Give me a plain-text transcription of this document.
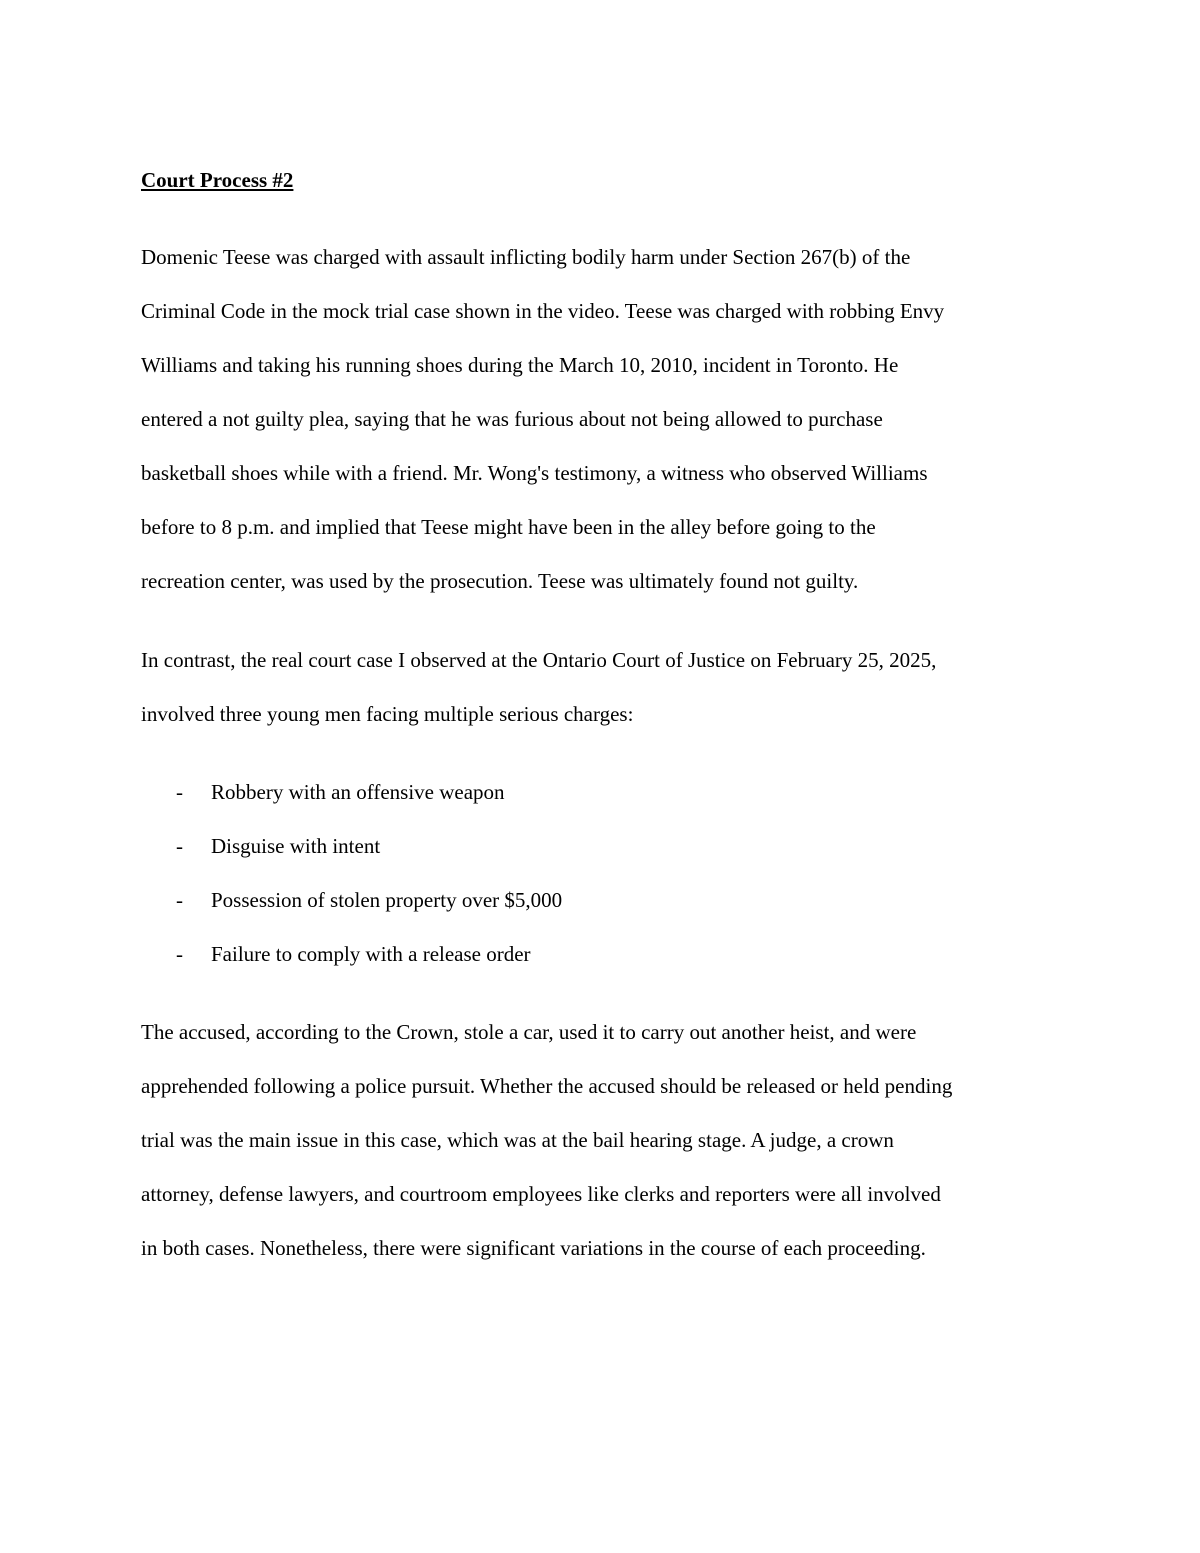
Court Process #2
Domenic Teese was charged with assault inflicting bodily harm under Section 267(b) of the
Criminal Code in the mock trial case shown in the video. Teese was charged with robbing Envy
Williams and taking his running shoes during the March 10, 2010, incident in Toronto. He
entered a not guilty plea, saying that he was furious about not being allowed to purchase
basketball shoes while with a friend. Mr. Wong's testimony, a witness who observed Williams
before to 8 p.m. and implied that Teese might have been in the alley before going to the
recreation center, was used by the prosecution. Teese was ultimately found not guilty.
In contrast, the real court case I observed at the Ontario Court of Justice on February 25, 2025,
involved three young men facing multiple serious charges:
- Robbery with an offensive weapon
- Disguise with intent
- Possession of stolen property over $5,000
- Failure to comply with a release order
The accused, according to the Crown, stole a car, used it to carry out another heist, and were
apprehended following a police pursuit. Whether the accused should be released or held pending
trial was the main issue in this case, which was at the bail hearing stage. A judge, a crown
attorney, defense lawyers, and courtroom employees like clerks and reporters were all involved
in both cases. Nonetheless, there were significant variations in the course of each proceeding.
